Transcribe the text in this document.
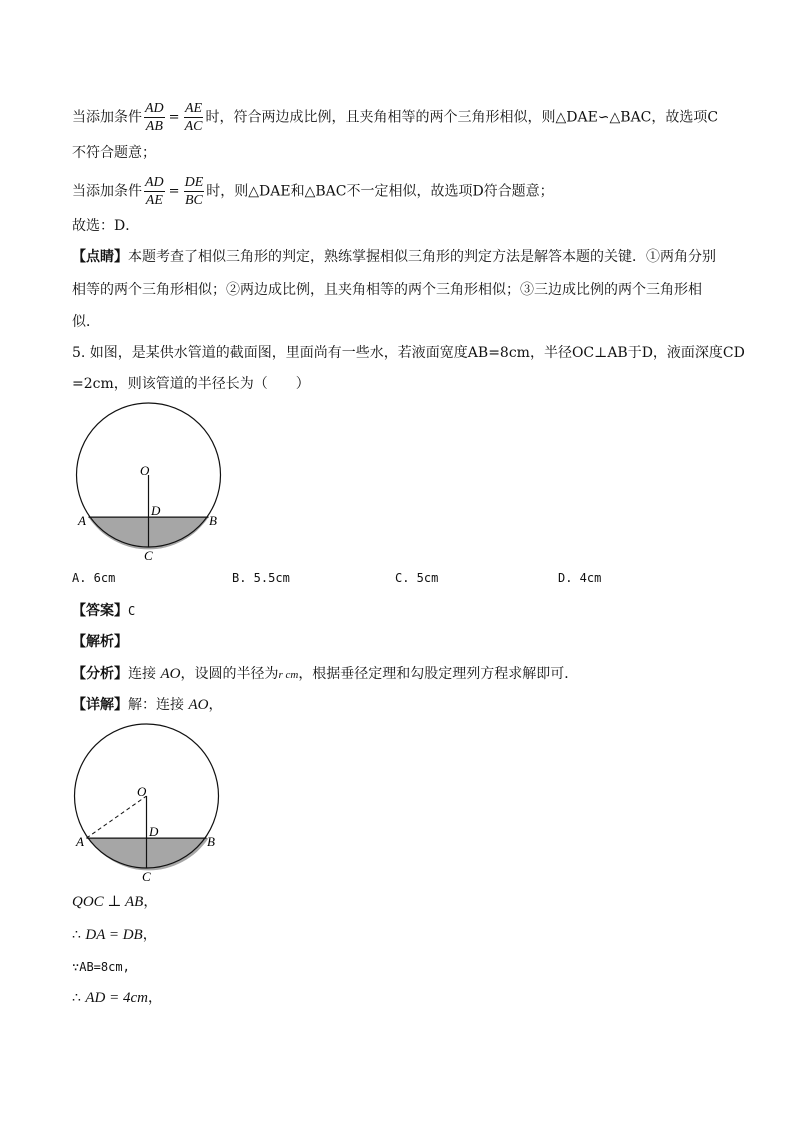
当添加条件 $\frac{AD}{AB} = \frac{AE}{AC}$ 时，符合两边成比例，且夹角相等的两个三角形相似，则△DAE∽△BAC，故选项C
不符合题意；
当添加条件 $\frac{AD}{AE} = \frac{DE}{BC}$ 时，则△DAE和△BAC不一定相似，故选项D符合题意；
故选：D．
【点睛】本题考查了相似三角形的判定，熟练掌握相似三角形的判定方法是解答本题的关键．①两角分别
相等的两个三角形相似；②两边成比例，且夹角相等的两个三角形相似；③三边成比例的两个三角形相
似．
5. 如图，是某供水管道的截面图，里面尚有一些水，若液面宽度AB=8cm，半径OC⊥AB于D，液面深度CD
=2cm，则该管道的半径长为（　　）
O
D
A	B
C
A. 6cm	B. 5.5cm	C. 5cm	D. 4cm
【答案】C
【解析】
【分析】连接 AO，设圆的半径为r cm，根据垂径定理和勾股定理列方程求解即可．
【详解】解：连接 AO，
O
D
A	B
C
QOC ⊥ AB，
∴ DA = DB，
∵AB=8cm,
∴ AD = 4cm，
